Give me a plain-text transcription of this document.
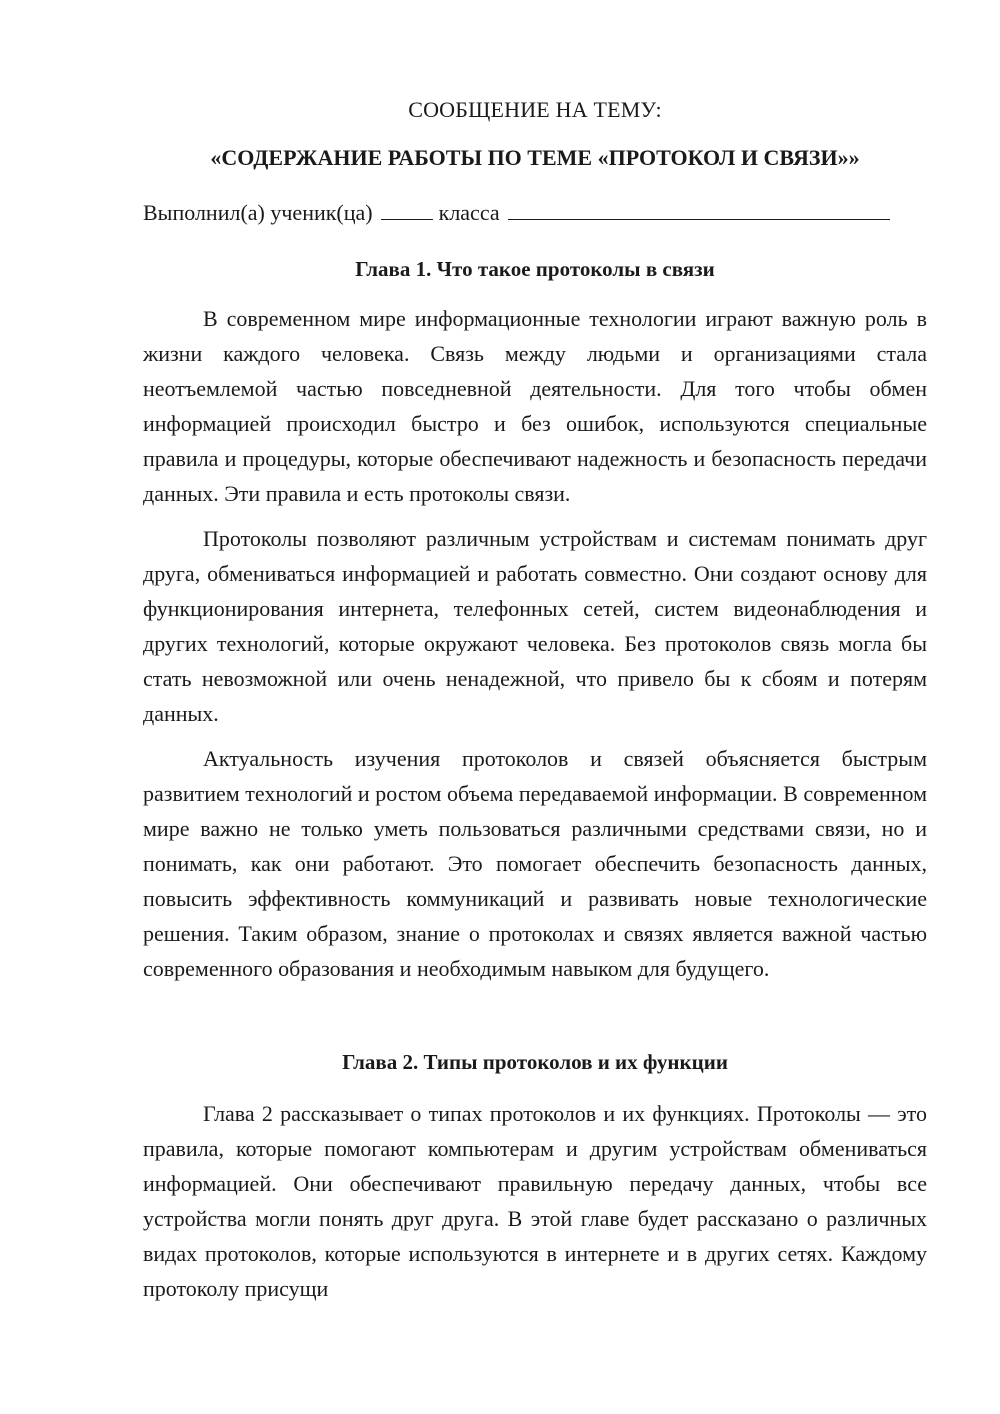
СООБЩЕНИЕ НА ТЕМУ:
«СОДЕРЖАНИЕ РАБОТЫ ПО ТЕМЕ «ПРОТОКОЛ И СВЯЗИ»»
Выполнил(а) ученик(ца)	класса
Глава 1. Что такое протоколы в связи

В современном мире информационные технологии играют важную роль в жизни каждого человека. Связь между людьми и организациями стала неотъемлемой частью повседневной деятельности. Для того чтобы обмен информацией происходил быстро и без ошибок, используются специальные правила и процедуры, которые обеспечивают надежность и безопасность передачи данных. Эти правила и есть протоколы связи.

Протоколы позволяют различным устройствам и системам понимать друг друга, обмениваться информацией и работать совместно. Они создают основу для функционирования интернета, телефонных сетей, систем видеонаблюдения и других технологий, которые окружают человека. Без протоколов связь могла бы стать невозможной или очень ненадежной, что привело бы к сбоям и потерям данных.

Актуальность изучения протоколов и связей объясняется быстрым развитием технологий и ростом объема передаваемой информации. В современном мире важно не только уметь пользоваться различными средствами связи, но и понимать, как они работают. Это помогает обеспечить безопасность данных, повысить эффективность коммуникаций и развивать новые технологические решения. Таким образом, знание о протоколах и связях является важной частью современного образования и необходимым навыком для будущего.

Глава 2. Типы протоколов и их функции

Глава 2 рассказывает о типах протоколов и их функциях. Протоколы — это правила, которые помогают компьютерам и другим устройствам обмениваться информацией. Они обеспечивают правильную передачу данных, чтобы все устройства могли понять друг друга. В этой главе будет рассказано о различных видах протоколов, которые используются в интернете и в других сетях. Каждому протоколу присущи
